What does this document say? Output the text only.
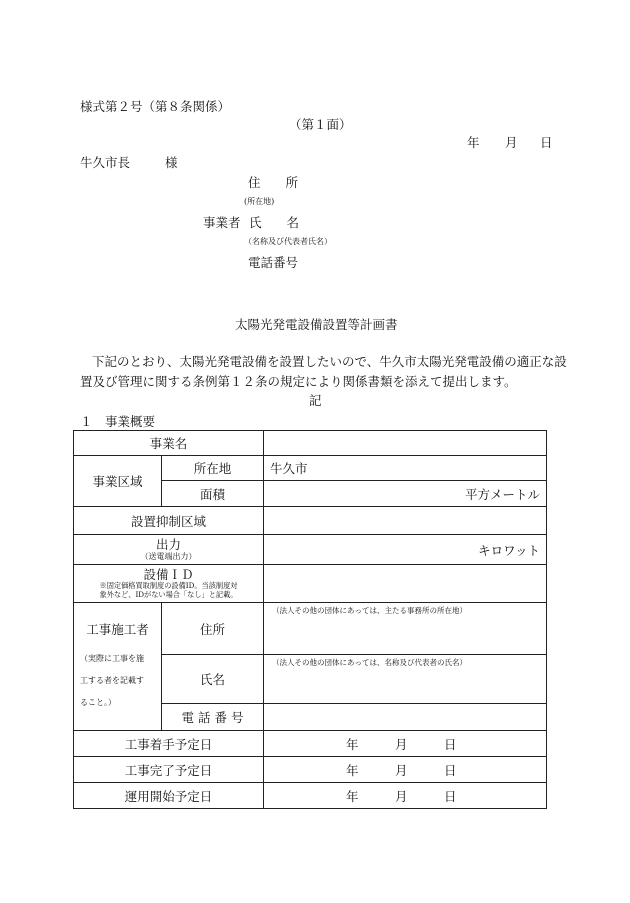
様式第２号（第８条関係）
（第１面）
年 月 日
牛久市長	様
住　　所
(所在地)
事業者 氏　　名
（名称及び代表者氏名）
電話番号
太陽光発電設備設置等計画書
下記のとおり、太陽光発電設備を設置したいので、牛久市太陽光発電設備の適正な設
置及び管理に関する条例第１２条の規定により関係書類を添えて提出します。
記
１　事業概要
事業名		
事業区域	所在地	牛久市
	面積	平方メートル
設置抑制区域		

出力
（送電端出力）		キロワット

設備ＩＤ
※固定価格買取制度の設備ID。当該制度対
象外など、IDがない場合「なし」と記載。		

工事施工者
（実際に工事を施
工する者を記載す
ること。）	住所	（法人その他の団体にあっては、主たる事務所の所在地）

	氏名	（法人その他の団体にあっては、名称及び代表者の氏名）

	電 話 番 号	
工事着手予定日		年 月 日

工事完了予定日		年 月 日

運用開始予定日		年 月 日
